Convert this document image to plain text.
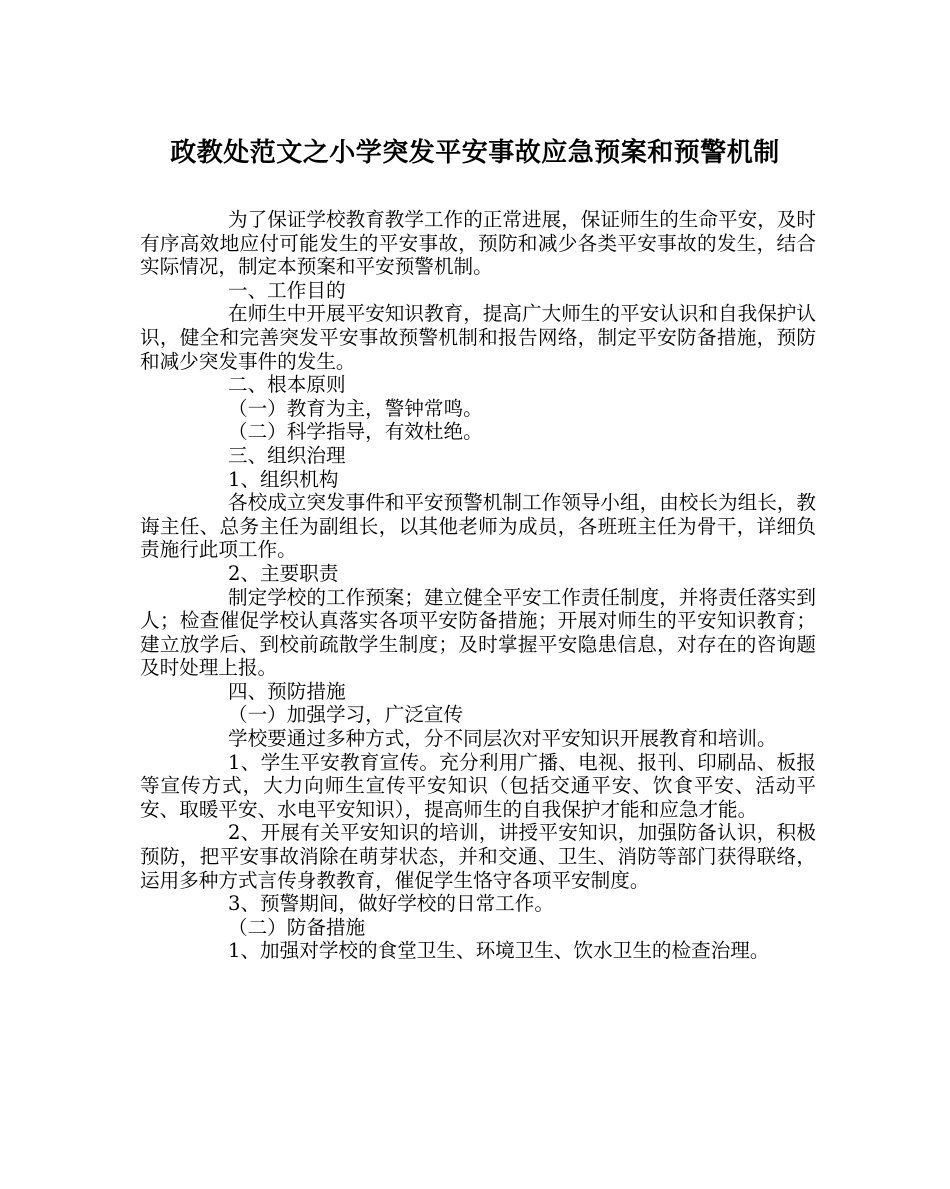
政教处范文之小学突发平安事故应急预案和预警机制

为了保证学校教育教学工作的正常进展，保证师生的生命平安，及时有序高效地应付可能发生的平安事故，预防和减少各类平安事故的发生，结合实际情况，制定本预案和平安预警机制。

一、工作目的

在师生中开展平安知识教育，提高广大师生的平安认识和自我保护认识，健全和完善突发平安事故预警机制和报告网络，制定平安防备措施，预防和减少突发事件的发生。

二、根本原则

（一）教育为主，警钟常鸣。

（二）科学指导，有效杜绝。

三、组织治理

1、组织机构

各校成立突发事件和平安预警机制工作领导小组，由校长为组长，教诲主任、总务主任为副组长，以其他老师为成员，各班班主任为骨干，详细负责施行此项工作。

2、主要职责

制定学校的工作预案；建立健全平安工作责任制度，并将责任落实到人；检查催促学校认真落实各项平安防备措施；开展对师生的平安知识教育；建立放学后、到校前疏散学生制度；及时掌握平安隐患信息，对存在的咨询题及时处理上报。

四、预防措施

（一）加强学习，广泛宣传

学校要通过多种方式，分不同层次对平安知识开展教育和培训。

1、学生平安教育宣传。充分利用广播、电视、报刊、印刷品、板报等宣传方式，大力向师生宣传平安知识（包括交通平安、饮食平安、活动平安、取暖平安、水电平安知识），提高师生的自我保护才能和应急才能。

2、开展有关平安知识的培训，讲授平安知识，加强防备认识，积极预防，把平安事故消除在萌芽状态，并和交通、卫生、消防等部门获得联络，运用多种方式言传身教教育，催促学生恪守各项平安制度。

3、预警期间，做好学校的日常工作。

（二）防备措施

1、加强对学校的食堂卫生、环境卫生、饮水卫生的检查治理。
